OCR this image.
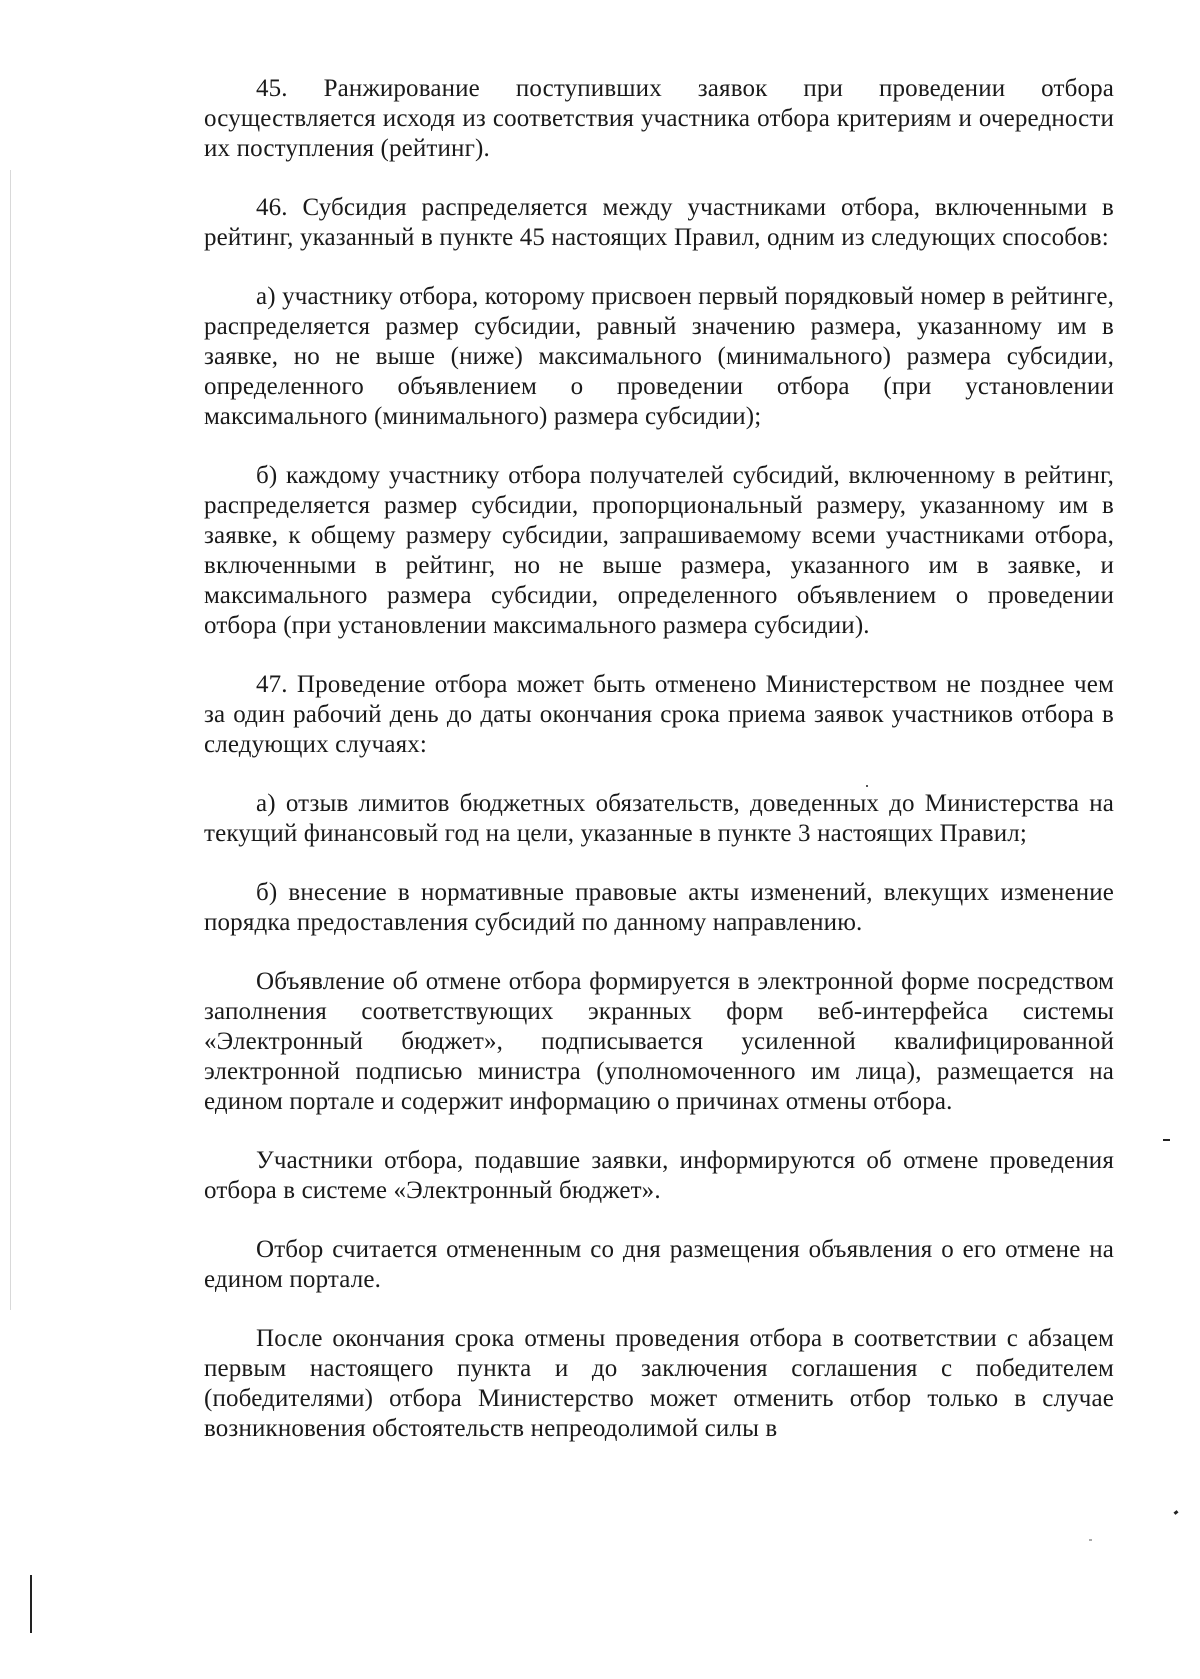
45. Ранжирование поступивших заявок при проведении отбора осуществляется исходя из соответствия участника отбора критериям и очередности их поступления (рейтинг).

46. Субсидия распределяется между участниками отбора, включенными в рейтинг, указанный в пункте 45 настоящих Правил, одним из следующих способов:

а) участнику отбора, которому присвоен первый порядковый номер в рейтинге, распределяется размер субсидии, равный значению размера, указанному им в заявке, но не выше (ниже) максимального (минимального) размера субсидии, определенного объявлением о проведении отбора (при установлении максимального (минимального) размера субсидии);

б) каждому участнику отбора получателей субсидий, включенному в рейтинг, распределяется размер субсидии, пропорциональный размеру, указанному им в заявке, к общему размеру субсидии, запрашиваемому всеми участниками отбора, включенными в рейтинг, но не выше размера, указанного им в заявке, и максимального размера субсидии, определенного объявлением о проведении отбора (при установлении максимального размера субсидии).

47. Проведение отбора может быть отменено Министерством не позднее чем за один рабочий день до даты окончания срока приема заявок участников отбора в следующих случаях:

а) отзыв лимитов бюджетных обязательств, доведенных до Министерства на текущий финансовый год на цели, указанные в пункте 3 настоящих Правил;

б) внесение в нормативные правовые акты изменений, влекущих изменение порядка предоставления субсидий по данному направлению.

Объявление об отмене отбора формируется в электронной форме посредством заполнения соответствующих экранных форм веб-интерфейса системы «Электронный бюджет», подписывается усиленной квалифицированной электронной подписью министра (уполномоченного им лица), размещается на едином портале и содержит информацию о причинах отмены отбора.

Участники отбора, подавшие заявки, информируются об отмене проведения отбора в системе «Электронный бюджет».

Отбор считается отмененным со дня размещения объявления о его отмене на едином портале.

После окончания срока отмены проведения отбора в соответствии с абзацем первым настоящего пункта и до заключения соглашения с победителем (победителями) отбора Министерство может отменить отбор только в случае возникновения обстоятельств непреодолимой силы в
